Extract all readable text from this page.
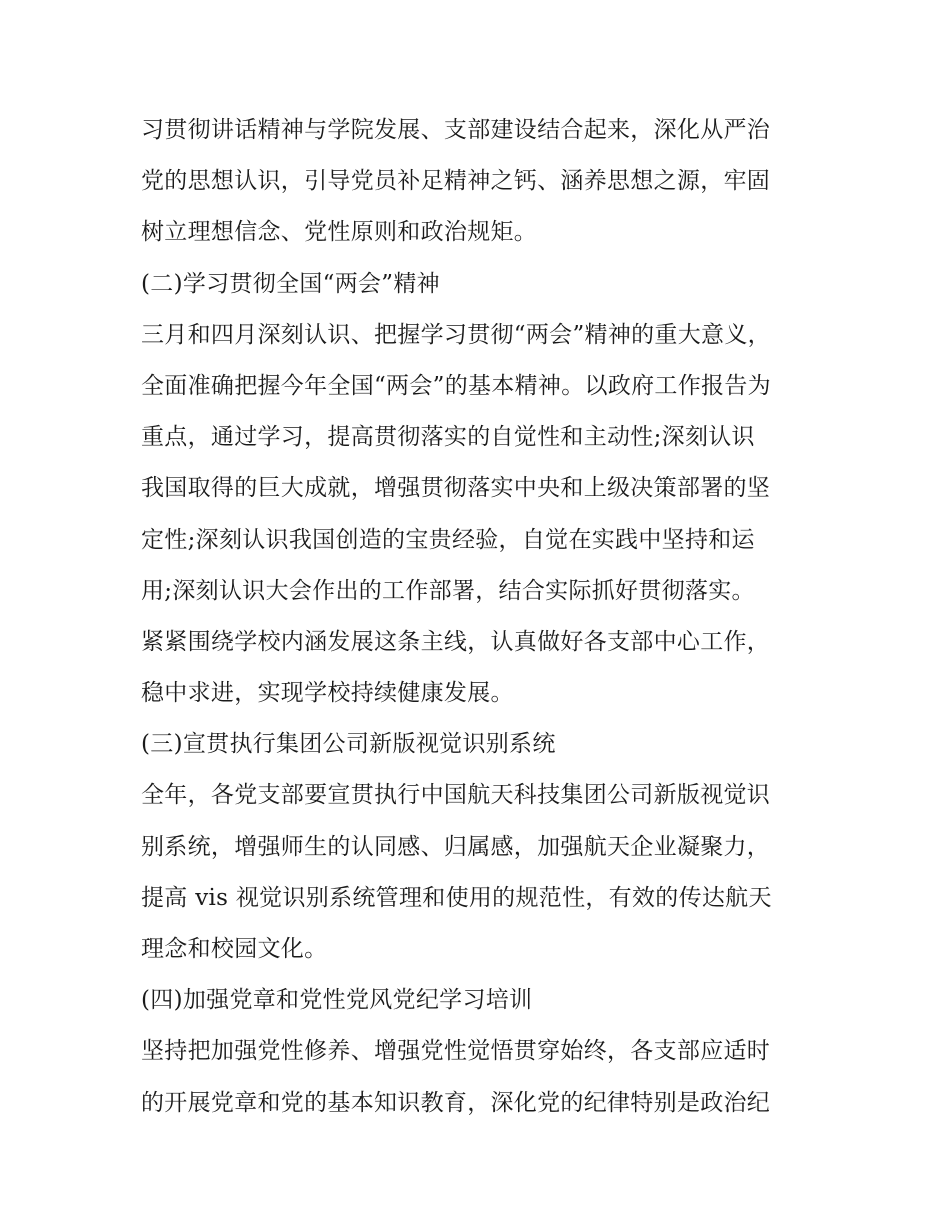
习贯彻讲话精神与学院发展、支部建设结合起来，深化从严治
党的思想认识，引导党员补足精神之钙、涵养思想之源，牢固
树立理想信念、党性原则和政治规矩。
(二)学习贯彻全国“两会”精神
三月和四月深刻认识、把握学习贯彻“两会”精神的重大意义，
全面准确把握今年全国“两会”的基本精神。以政府工作报告为
重点，通过学习，提高贯彻落实的自觉性和主动性;深刻认识
我国取得的巨大成就，增强贯彻落实中央和上级决策部署的坚
定性;深刻认识我国创造的宝贵经验，自觉在实践中坚持和运
用;深刻认识大会作出的工作部署，结合实际抓好贯彻落实。
紧紧围绕学校内涵发展这条主线，认真做好各支部中心工作，
稳中求进，实现学校持续健康发展。
(三)宣贯执行集团公司新版视觉识别系统
全年，各党支部要宣贯执行中国航天科技集团公司新版视觉识
别系统，增强师生的认同感、归属感，加强航天企业凝聚力，
提高 vis 视觉识别系统管理和使用的规范性，有效的传达航天
理念和校园文化。
(四)加强党章和党性党风党纪学习培训
坚持把加强党性修养、增强党性觉悟贯穿始终，各支部应适时
的开展党章和党的基本知识教育，深化党的纪律特别是政治纪
